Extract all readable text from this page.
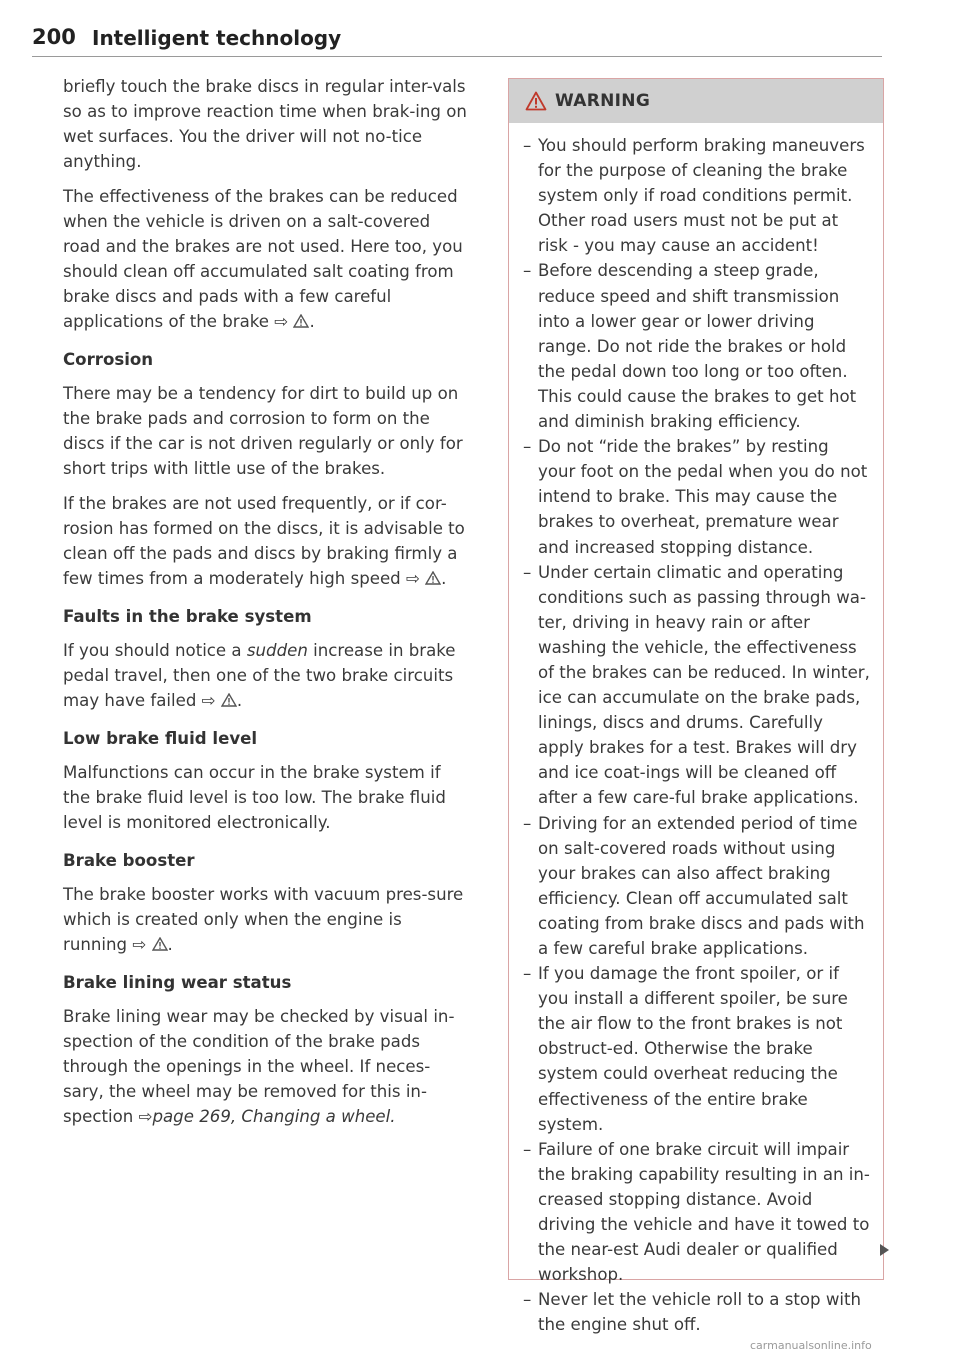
200 Intelligent technology

briefly touch the brake discs in regular inter-vals so as to improve reaction time when brak-ing on wet surfaces. You the driver will not no-tice anything.

The effectiveness of the brakes can be reduced when the vehicle is driven on a salt-covered road and the brakes are not used. Here too, you should clean off accumulated salt coating from brake discs and pads with a few careful applications of the brake ⇨ .

Corrosion

There may be a tendency for dirt to build up on the brake pads and corrosion to form on the discs if the car is not driven regularly or only for short trips with little use of the brakes.

If the brakes are not used frequently, or if cor-rosion has formed on the discs, it is advisable to clean off the pads and discs by braking firmly a few times from a moderately high speed ⇨ .

Faults in the brake system

If you should notice a sudden increase in brake pedal travel, then one of the two brake circuits may have failed ⇨ .

Low brake fluid level

Malfunctions can occur in the brake system if the brake fluid level is too low. The brake fluid level is monitored electronically.

Brake booster

The brake booster works with vacuum pres-sure which is created only when the engine is running ⇨ .

Brake lining wear status

Brake lining wear may be checked by visual in-spection of the condition of the brake pads through the openings in the wheel. If neces-sary, the wheel may be removed for this in-spection ⇨page 269, Changing a wheel.

WARNING
– You should perform braking maneuvers for the purpose of cleaning the brake system only if road conditions permit. Other road users must not be put at risk - you may cause an accident!
– Before descending a steep grade, reduce speed and shift transmission into a lower gear or lower driving range. Do not ride the brakes or hold the pedal down too long or too often. This could cause the brakes to get hot and diminish braking efficiency.
– Do not “ride the brakes” by resting your foot on the pedal when you do not intend to brake. This may cause the brakes to overheat, premature wear and increased stopping distance.
– Under certain climatic and operating conditions such as passing through wa-ter, driving in heavy rain or after washing the vehicle, the effectiveness of the brakes can be reduced. In winter, ice can accumulate on the brake pads, linings, discs and drums. Carefully apply brakes for a test. Brakes will dry and ice coat-ings will be cleaned off after a few care-ful brake applications.
– Driving for an extended period of time on salt-covered roads without using your brakes can also affect braking efficiency. Clean off accumulated salt coating from brake discs and pads with a few careful brake applications.
– If you damage the front spoiler, or if you install a different spoiler, be sure the air flow to the front brakes is not obstruct-ed. Otherwise the brake system could overheat reducing the effectiveness of the entire brake system.
– Failure of one brake circuit will impair the braking capability resulting in an in-creased stopping distance. Avoid driving the vehicle and have it towed to the near-est Audi dealer or qualified workshop.
– Never let the vehicle roll to a stop with the engine shut off.
carmanualsonline.info
